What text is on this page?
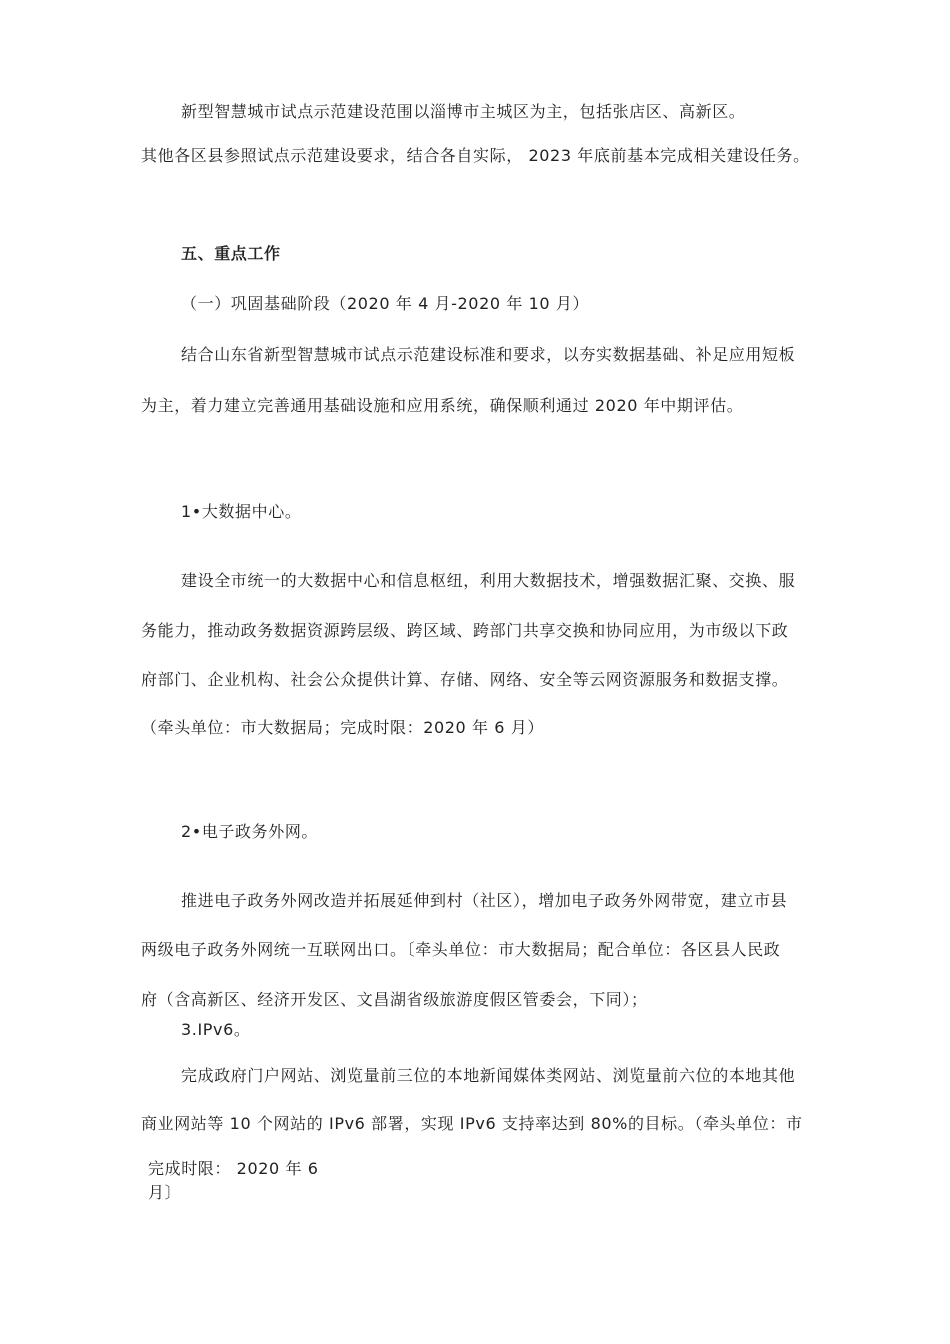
新型智慧城市试点示范建设范围以淄博市主城区为主，包括张店区、高新区。
其他各区县参照试点示范建设要求，结合各自实际， 2023 年底前基本完成相关建设任务。
五、重点工作
（一）巩固基础阶段（2020 年 4 月-2020 年 10 月）
结合山东省新型智慧城市试点示范建设标准和要求，以夯实数据基础、补足应用短板
为主，着力建立完善通用基础设施和应用系统，确保顺利通过 2020 年中期评估。
1•大数据中心。
建设全市统一的大数据中心和信息枢纽，利用大数据技术，增强数据汇聚、交换、服
务能力，推动政务数据资源跨层级、跨区域、跨部门共享交换和协同应用，为市级以下政
府部门、企业机构、社会公众提供计算、存储、网络、安全等云网资源服务和数据支撑。
（牵头单位：市大数据局；完成时限：2020 年 6 月）
2•电子政务外网。
推进电子政务外网改造并拓展延伸到村（社区），增加电子政务外网带宽，建立市县
两级电子政务外网统一互联网出口。〔牵头单位：市大数据局；配合单位：各区县人民政
府（含高新区、经济开发区、文昌湖省级旅游度假区管委会，下同）；
3.IPv6。
完成政府门户网站、浏览量前三位的本地新闻媒体类网站、浏览量前六位的本地其他
商业网站等 10 个网站的 IPv6 部署，实现 IPv6 支持率达到 80%的目标。（牵头单位：市
完成时限： 2020 年 6
月〕
